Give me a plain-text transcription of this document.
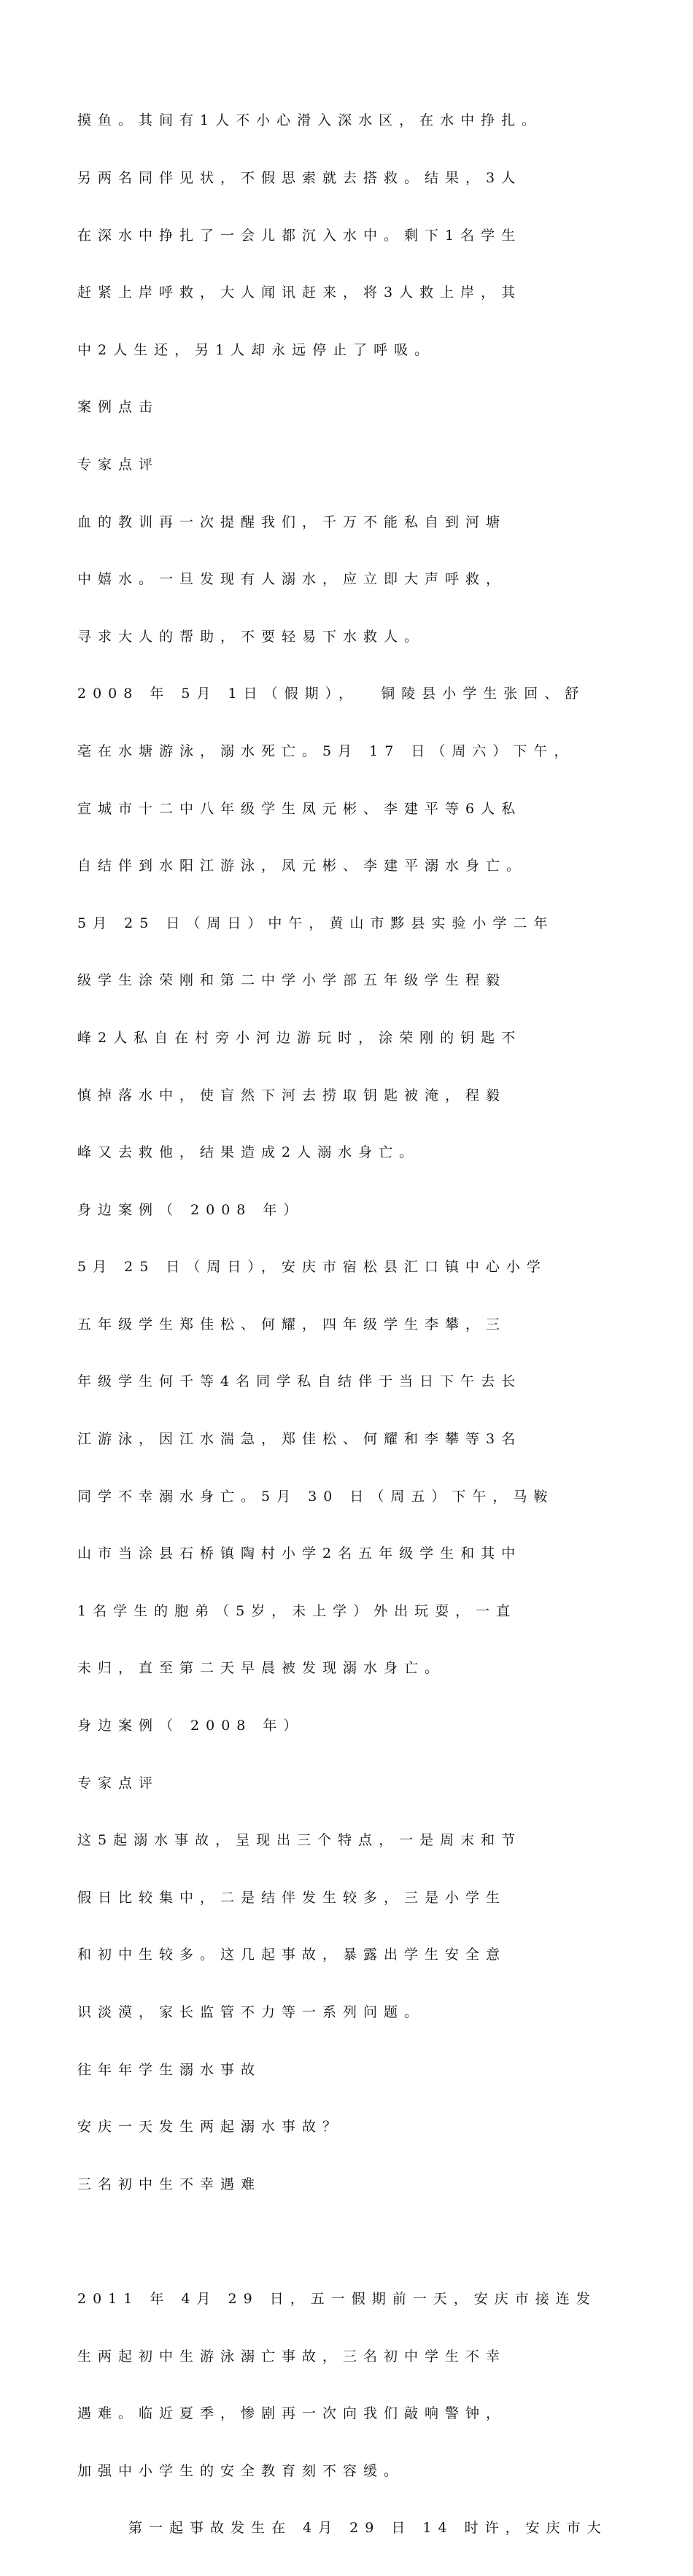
摸鱼。其间有1人不小心滑入深水区，在水中挣扎。

另两名同伴见状，不假思索就去搭救。结果，3人

在深水中挣扎了一会儿都沉入水中。剩下1名学生

赶紧上岸呼救，大人闻讯赶来，将3人救上岸，其

中2人生还，另1人却永远停止了呼吸。

案例点击

专家点评

血的教训再一次提醒我们，千万不能私自到河塘

中嬉水。一旦发现有人溺水，应立即大声呼救，

寻求大人的帮助，不要轻易下水救人。

2008 年 5月 1日（假期），  铜陵县小学生张回、舒

亳在水塘游泳，溺水死亡。5月 17 日（周六）下午，

宣城市十二中八年级学生凤元彬、李建平等6人私

自结伴到水阳江游泳，凤元彬、李建平溺水身亡。

5月 25 日（周日）中午，黄山市黟县实验小学二年

级学生涂荣刚和第二中学小学部五年级学生程毅

峰2人私自在村旁小河边游玩时，涂荣刚的钥匙不

慎掉落水中，使盲然下河去捞取钥匙被淹，程毅

峰又去救他，结果造成2人溺水身亡。

身边案例（ 2008 年）

5月 25 日（周日），安庆市宿松县汇口镇中心小学

五年级学生郑佳松、何耀，四年级学生李攀，三

年级学生何千等4名同学私自结伴于当日下午去长

江游泳，因江水湍急，郑佳松、何耀和李攀等3名

同学不幸溺水身亡。5月 30 日（周五）下午，马鞍

山市当涂县石桥镇陶村小学2名五年级学生和其中

1名学生的胞弟（5岁，未上学）外出玩耍，一直

未归，直至第二天早晨被发现溺水身亡。

身边案例（ 2008 年）

专家点评

这5起溺水事故，呈现出三个特点，一是周末和节

假日比较集中，二是结伴发生较多，三是小学生

和初中生较多。这几起事故，暴露出学生安全意

识淡漠，家长监管不力等一系列问题。

往年年学生溺水事故

安庆一天发生两起溺水事故？

三名初中生不幸遇难

2011 年 4月 29 日，五一假期前一天，安庆市接连发

生两起初中生游泳溺亡事故，三名初中学生不幸

遇难。临近夏季，惨剧再一次向我们敲响警钟，

加强中小学生的安全教育刻不容缓。

第一起事故发生在 4月 29 日 14 时许，安庆市大
